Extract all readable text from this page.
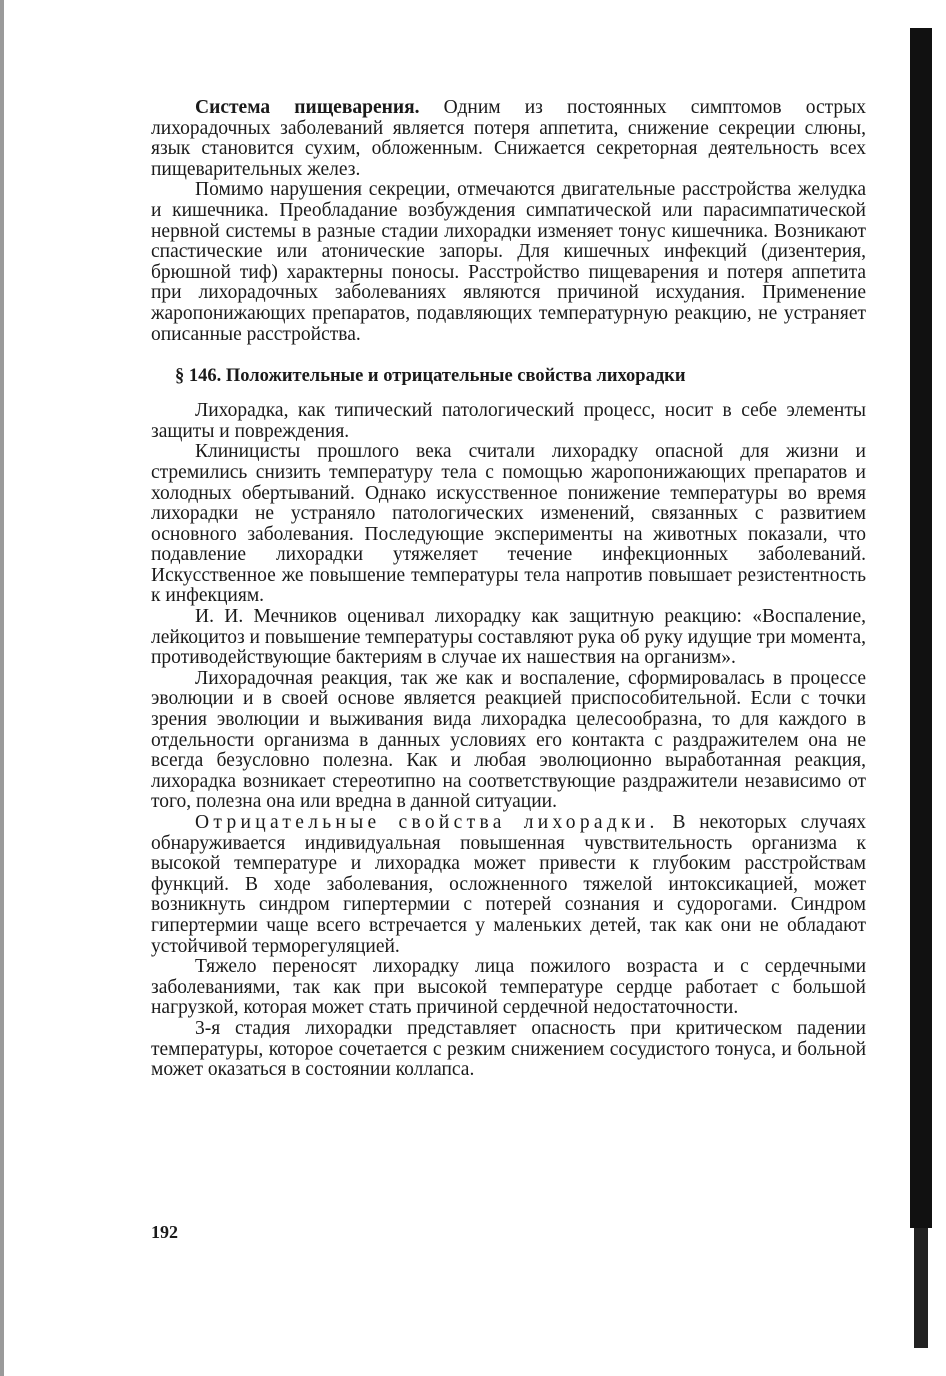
Система пищеварения. Одним из постоянных симптомов острых лихорадочных заболеваний является потеря аппетита, снижение секреции слюны, язык становится сухим, обложенным. Снижается секреторная деятельность всех пищеварительных желез.

Помимо нарушения секреции, отмечаются двигательные расстройства желудка и кишечника. Преобладание возбуждения симпатической или парасимпатической нервной системы в разные стадии лихорадки изменяет тонус кишечника. Возникают спастические или атонические запоры. Для кишечных инфекций (дизентерия, брюшной тиф) характерны поносы. Расстройство пищеварения и потеря аппетита при лихорадочных заболеваниях являются причиной исхудания. Применение жаропонижающих препаратов, подавляющих температурную реакцию, не устраняет описанные расстройства.

§ 146. Положительные и отрицательные свойства лихорадки

Лихорадка, как типический патологический процесс, носит в себе элементы защиты и повреждения.

Клиницисты прошлого века считали лихорадку опасной для жизни и стремились снизить температуру тела с помощью жаропонижающих препаратов и холодных обертываний. Однако искусственное понижение температуры во время лихорадки не устраняло патологических изменений, связанных с развитием основного заболевания. Последующие эксперименты на животных показали, что подавление лихорадки утяжеляет течение инфекционных заболеваний. Искусственное же повышение температуры тела напротив повышает резистентность к инфекциям.

И. И. Мечников оценивал лихорадку как защитную реакцию: «Воспаление, лейкоцитоз и повышение температуры составляют рука об руку идущие три момента, противодействующие бактериям в случае их нашествия на организм».

Лихорадочная реакция, так же как и воспаление, сформировалась в процессе эволюции и в своей основе является реакцией приспособительной. Если с точки зрения эволюции и выживания вида лихорадка целесообразна, то для каждого в отдельности организма в данных условиях его контакта с раздражителем она не всегда безусловно полезна. Как и любая эволюционно выработанная реакция, лихорадка возникает стереотипно на соответствующие раздражители независимо от того, полезна она или вредна в данной ситуации.

Отрицательные свойства лихорадки. В некоторых случаях обнаруживается индивидуальная повышенная чувствительность организма к высокой температуре и лихорадка может привести к глубоким расстройствам функций. В ходе заболевания, осложненного тяжелой интоксикацией, может возникнуть синдром гипертермии с потерей сознания и судорогами. Синдром гипертермии чаще всего встречается у маленьких детей, так как они не обладают устойчивой терморегуляцией.

Тяжело переносят лихорадку лица пожилого возраста и с сердечными заболеваниями, так как при высокой температуре сердце работает с большой нагрузкой, которая может стать причиной сердечной недостаточности.

3-я стадия лихорадки представляет опасность при критическом падении температуры, которое сочетается с резким снижением сосудистого тонуса, и больной может оказаться в состоянии коллапса.

192
